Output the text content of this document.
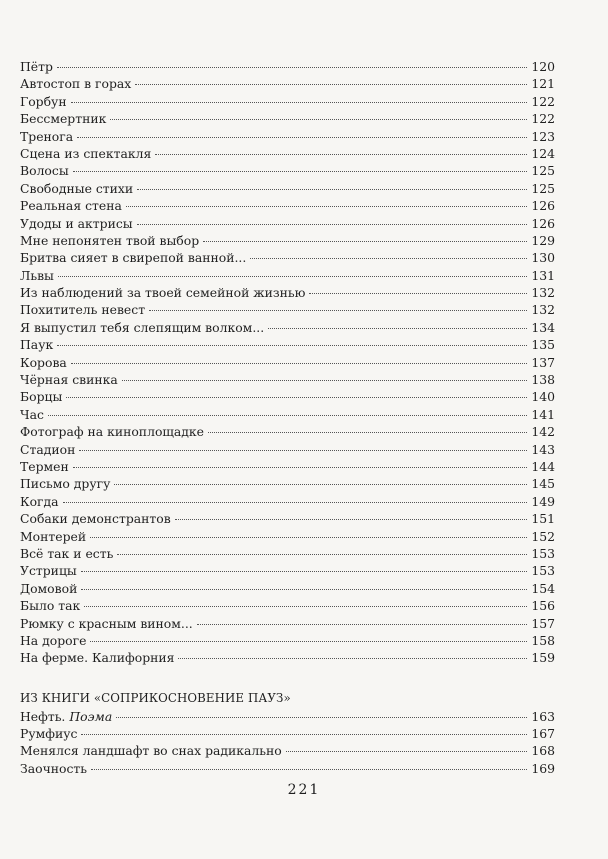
Пётр	120
Автостоп в горах	121
Горбун	122
Бессмертник	122
Тренога	123
Сцена из спектакля	124
Волосы	125
Свободные стихи	125
Реальная стена	126
Удоды и актрисы	126
Мне непонятен твой выбор	129
Бритва сияет в свирепой ванной...	130
Львы	131
Из наблюдений за твоей семейной жизнью	132
Похититель невест	132
Я выпустил тебя слепящим волком...	134
Паук	135
Корова	137
Чёрная свинка	138
Борцы	140
Час	141
Фотограф на киноплощадке	142
Стадион	143
Термен	144
Письмо другу	145
Когда	149
Собаки демонстрантов	151
Монтерей	152
Всё так и есть	153
Устрицы	153
Домовой	154
Было так	156
Рюмку с красным вином...	157
На дороге	158
На ферме. Калифорния	159
ИЗ КНИГИ «СОПРИКОСНОВЕНИЕ ПАУЗ»
Нефть. Поэма	163
Румфиус	167
Менялся ландшафт во снах радикально	168
Заочность	169
221
